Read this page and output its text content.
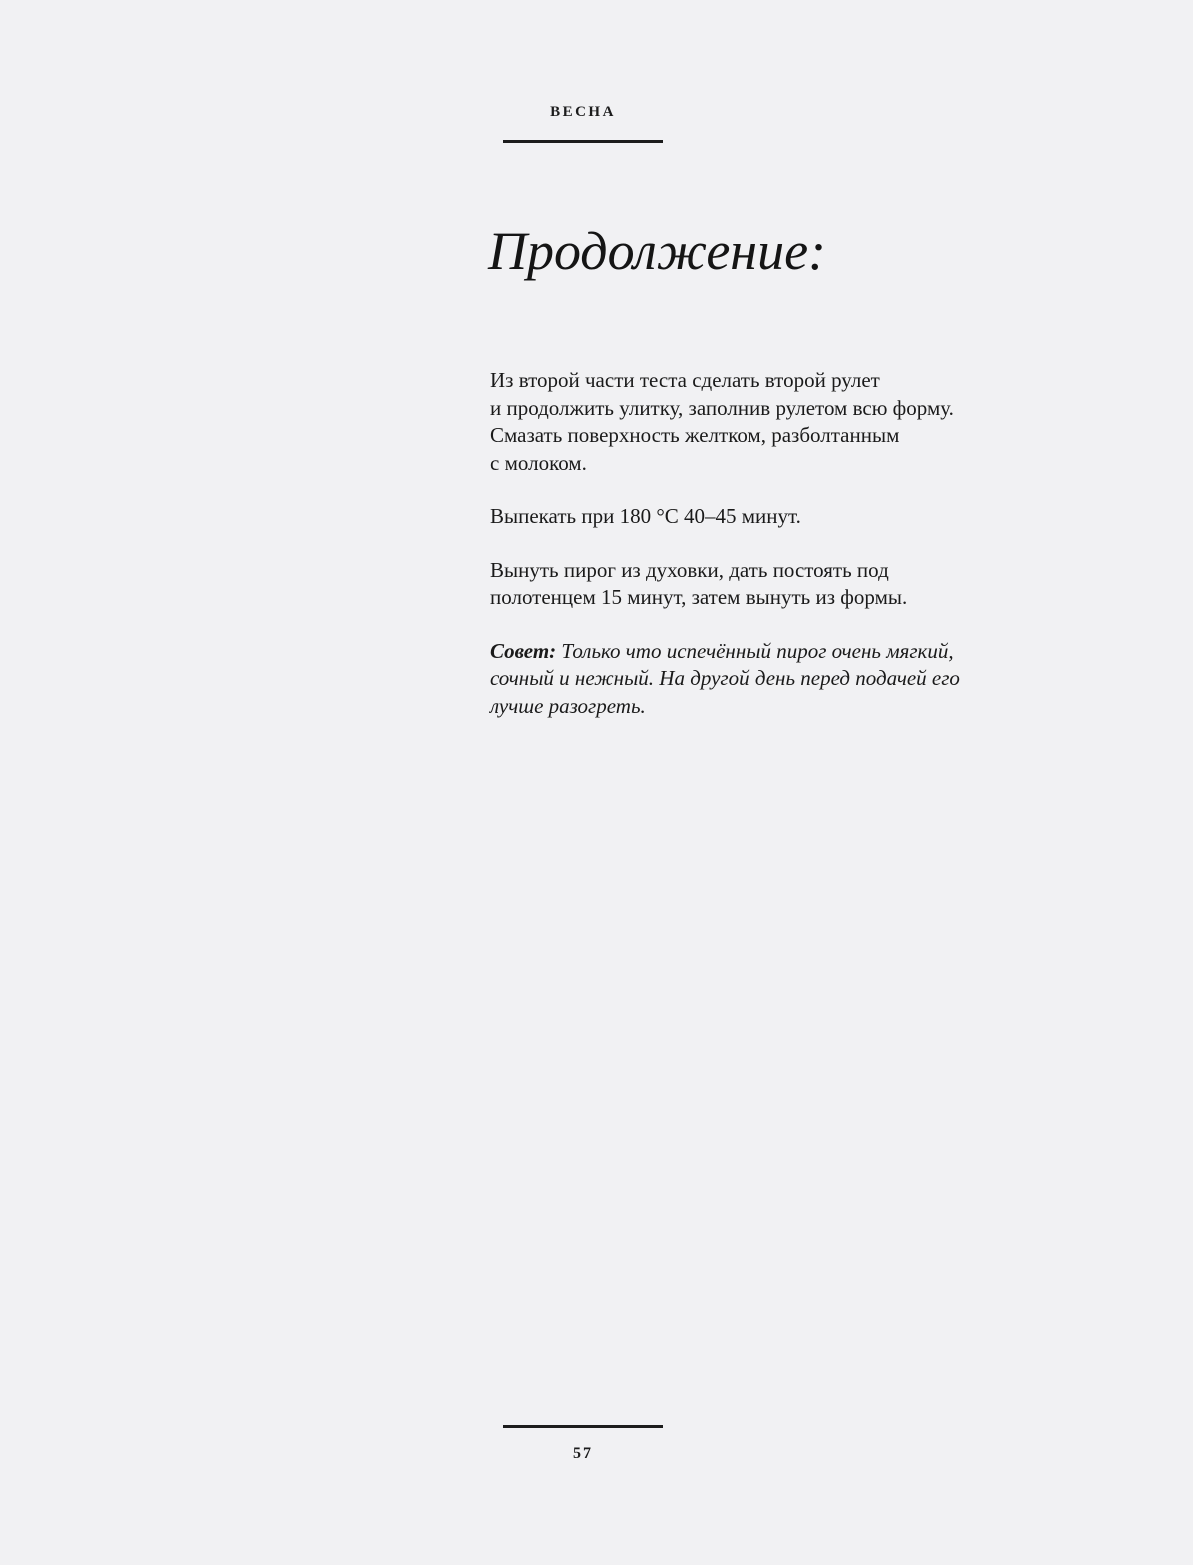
ВЕСНА
Продолжение:

Из второй части теста сделать второй рулет
и продолжить улитку, заполнив рулетом всю форму.
Смазать поверхность желтком, разболтанным
с молоком.

Выпекать при 180 °С 40–45 минут.

Вынуть пирог из духовки, дать постоять под
полотенцем 15 минут, затем вынуть из формы.

Совет: Только что испечённый пирог очень мягкий,
сочный и нежный. На другой день перед подачей его
лучше разогреть.

57
